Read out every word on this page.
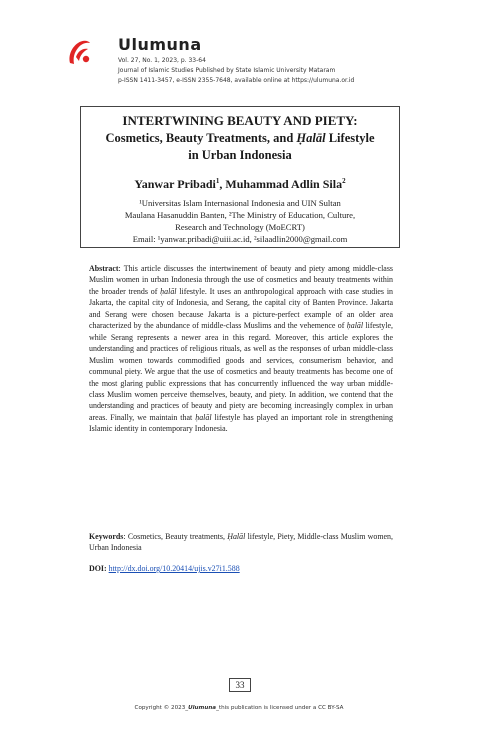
Ulumuna
Vol. 27, No. 1, 2023, p. 33-64
Journal of Islamic Studies Published by State Islamic University Mataram
p-ISSN 1411-3457, e-ISSN 2355-7648, available online at https://ulumuna.or.id
INTERTWINING BEAUTY AND PIETY:
Cosmetics, Beauty Treatments, and Ḥalāl Lifestyle
in Urban Indonesia
Yanwar Pribadi$^1$, Muhammad Adlin Sila$^2$
¹Universitas Islam Internasional Indonesia and UIN Sultan
Maulana Hasanuddin Banten, ²The Ministry of Education, Culture,
Research and Technology (MoECRT)
Email: ¹yanwar.pribadi@uiii.ac.id, ²silaadlin2000@gmail.com

Abstract: This article discusses the intertwinement of beauty and piety among middle-class Muslim women in urban Indonesia through the use of cosmetics and beauty treatments within the broader trends of ḥalāl lifestyle. It uses an anthropological approach with case studies in Jakarta, the capital city of Indonesia, and Serang, the capital city of Banten Province. Jakarta and Serang were chosen because Jakarta is a picture-perfect example of an older area characterized by the abundance of middle-class Muslims and the vehemence of ḥalāl lifestyle, while Serang represents a newer area in this regard. Moreover, this article explores the understanding and practices of religious rituals, as well as the responses of urban middle-class Muslim women towards commodified goods and services, consumerism behavior, and communal piety. We argue that the use of cosmetics and beauty treatments has become one of the most glaring public expressions that has concurrently influenced the way urban middle-class Muslim women perceive themselves, beauty, and piety. In addition, we contend that the understanding and practices of beauty and piety are becoming increasingly complex in urban areas. Finally, we maintain that ḥalāl lifestyle has played an important role in strengthening Islamic identity in contemporary Indonesia.

Keywords: Cosmetics, Beauty treatments, Ḥalāl lifestyle, Piety, Middle-class Muslim women, Urban Indonesia

DOI: http://dx.doi.org/10.20414/ujis.v27i1.588

33
Copyright © 2023_Ulumuna_this publication is licensed under a CC BY-SA
